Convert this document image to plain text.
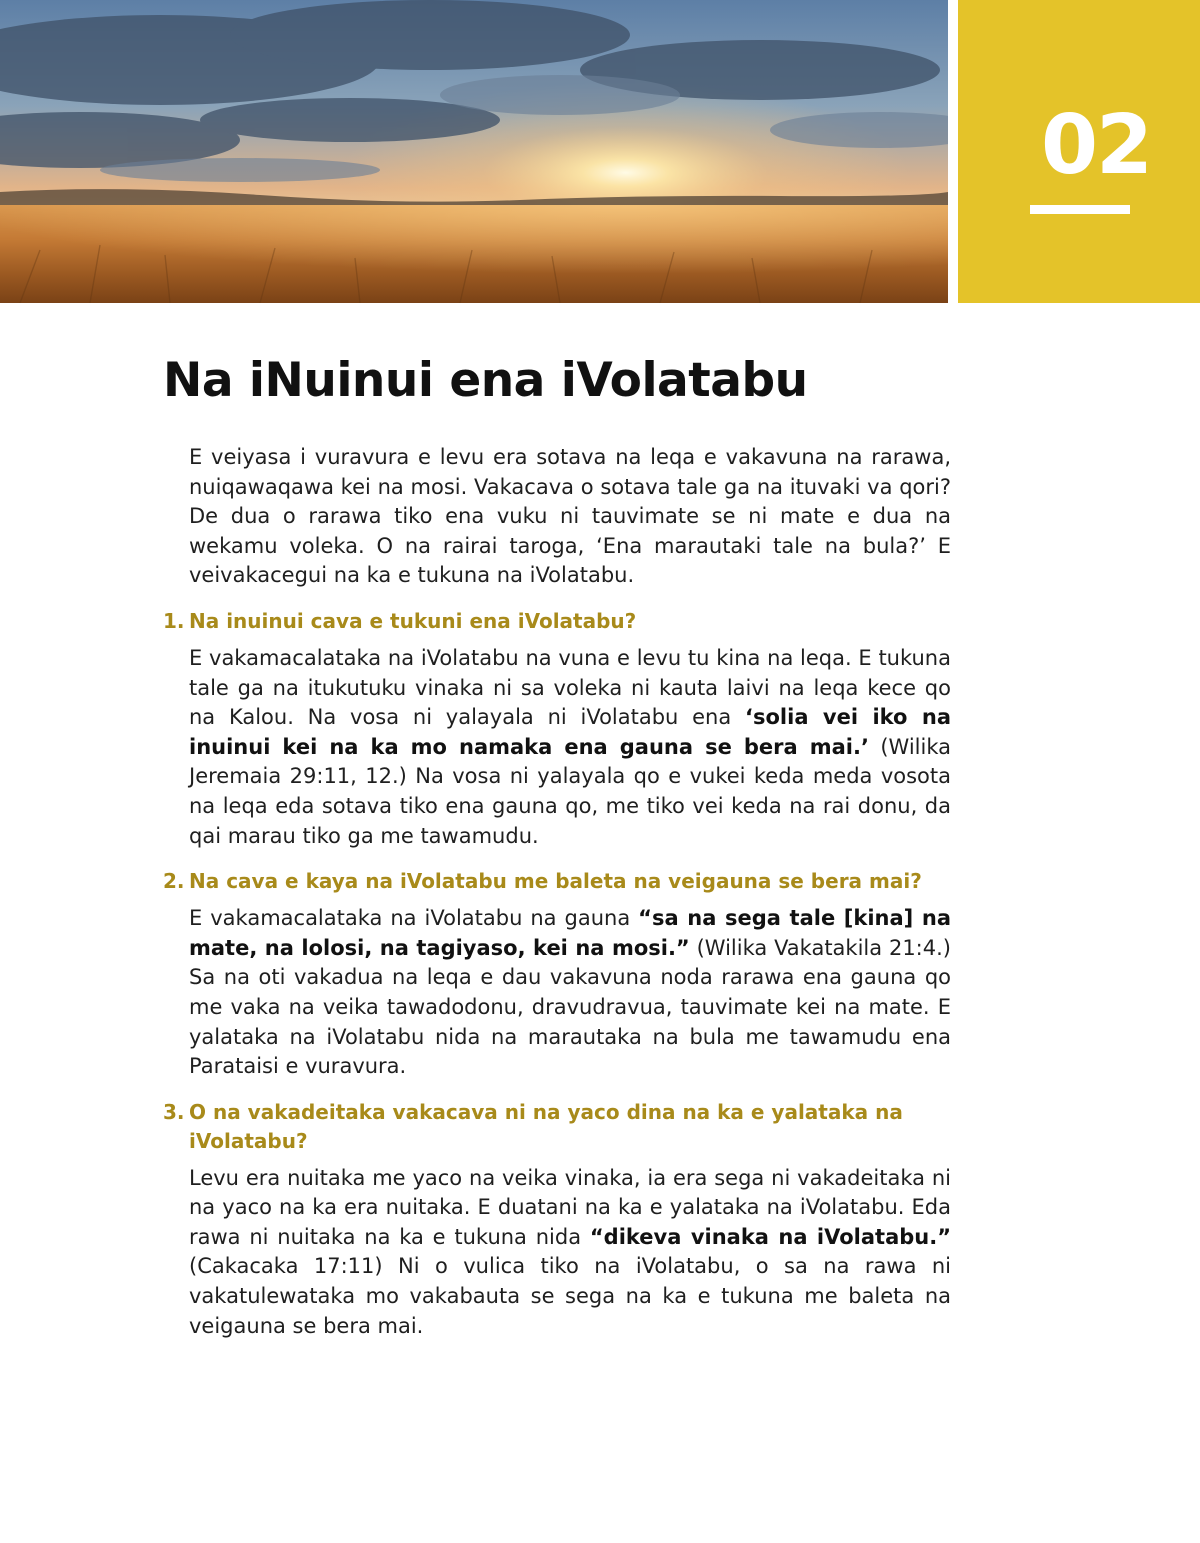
02
Na iNuinui ena iVolatabu

E veiyasa i vuravura e levu era sotava na leqa e vakavuna na rarawa, nuiqawaqawa kei na mosi. Vakacava o sotava tale ga na ituvaki va qori? De dua o rarawa tiko ena vuku ni tauvimate se ni mate e dua na wekamu voleka. O na rairai taroga, ‘Ena marautaki tale na bula?’ E veivakacegui na ka e tukuna na iVolatabu.

1. Na inuinui cava e tukuni ena iVolatabu?

E vakamacalataka na iVolatabu na vuna e levu tu kina na leqa. E tukuna tale ga na itukutuku vinaka ni sa voleka ni kauta laivi na leqa kece qo na Kalou. Na vosa ni yalayala ni iVolatabu ena ‘solia vei iko na inuinui kei na ka mo namaka ena gauna se bera mai.’ (Wilika Jeremaia 29:11, 12.) Na vosa ni yalayala qo e vukei keda meda vosota na leqa eda sotava tiko ena gauna qo, me tiko vei keda na rai donu, da qai marau tiko ga me tawamudu.

2. Na cava e kaya na iVolatabu me baleta na veigauna se bera mai?

E vakamacalataka na iVolatabu na gauna “sa na sega tale [kina] na mate, na lolosi, na tagiyaso, kei na mosi.” (Wilika Vakatakila 21:4.) Sa na oti vakadua na leqa e dau vakavuna noda rarawa ena gauna qo me vaka na veika tawadodonu, dravudravua, tauvimate kei na mate. E yalataka na iVolatabu nida na marautaka na bula me tawamudu ena Parataisi e vuravura.

3. O na vakadeitaka vakacava ni na yaco dina na ka e yalataka na iVolatabu?

Levu era nuitaka me yaco na veika vinaka, ia era sega ni vakadeitaka ni na yaco na ka era nuitaka. E duatani na ka e yalataka na iVolatabu. Eda rawa ni nuitaka na ka e tukuna nida “dikeva vinaka na iVolatabu.” (Cakacaka 17:11) Ni o vulica tiko na iVolatabu, o sa na rawa ni vakatulewataka mo vakabauta se sega na ka e tukuna me baleta na veigauna se bera mai.
